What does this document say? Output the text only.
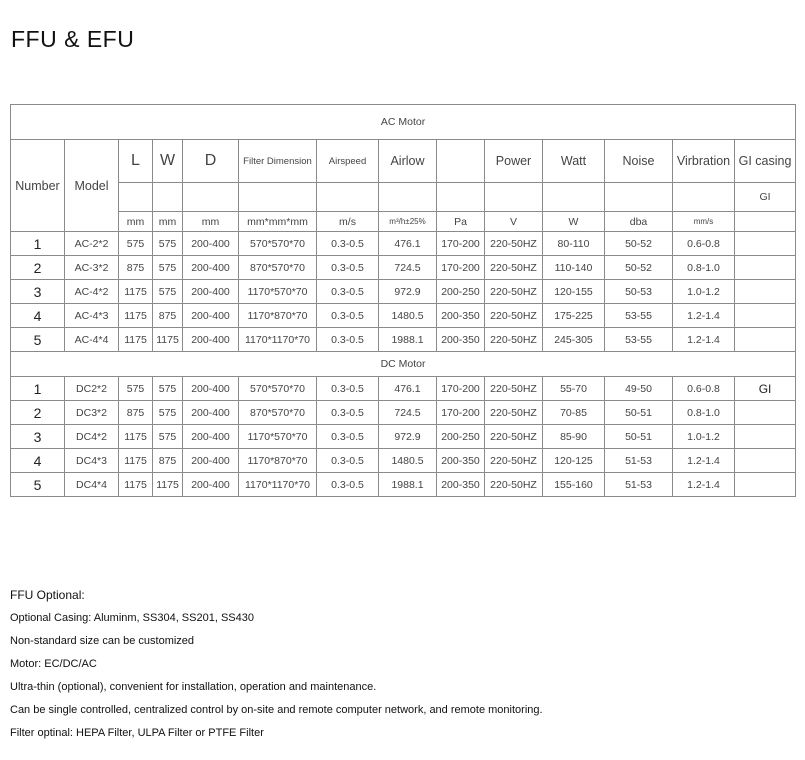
FFU & EFU
AC Motor													
Number	Model	L	W	D	Filter Dimension	Airspeed	Airlow		Power	Watt	Noise	Virbration	GI casing
													GI
		mm	mm	mm	mm*mm*mm	m/s	m³/h±25%	Pa	V	W	dba	mm/s	
1	AC-2*2	575	575	200-400	570*570*70	0.3-0.5	476.1	170-200	220-50HZ	80-110	50-52	0.6-0.8	
2	AC-3*2	875	575	200-400	870*570*70	0.3-0.5	724.5	170-200	220-50HZ	110-140	50-52	0.8-1.0	
3	AC-4*2	1175	575	200-400	1170*570*70	0.3-0.5	972.9	200-250	220-50HZ	120-155	50-53	1.0-1.2	
4	AC-4*3	1175	875	200-400	1170*870*70	0.3-0.5	1480.5	200-350	220-50HZ	175-225	53-55	1.2-1.4	
5	AC-4*4	1175	1175	200-400	1170*1170*70	0.3-0.5	1988.1	200-350	220-50HZ	245-305	53-55	1.2-1.4	
DC Motor													
1	DC2*2	575	575	200-400	570*570*70	0.3-0.5	476.1	170-200	220-50HZ	55-70	49-50	0.6-0.8	GI
2	DC3*2	875	575	200-400	870*570*70	0.3-0.5	724.5	170-200	220-50HZ	70-85	50-51	0.8-1.0	
3	DC4*2	1175	575	200-400	1170*570*70	0.3-0.5	972.9	200-250	220-50HZ	85-90	50-51	1.0-1.2	
4	DC4*3	1175	875	200-400	1170*870*70	0.3-0.5	1480.5	200-350	220-50HZ	120-125	51-53	1.2-1.4	
5	DC4*4	1175	1175	200-400	1170*1170*70	0.3-0.5	1988.1	200-350	220-50HZ	155-160	51-53	1.2-1.4	
FFU Optional:
Optional Casing: Aluminm, SS304, SS201, SS430
Non-standard size can be customized
Motor: EC/DC/AC
Ultra-thin (optional), convenient for installation, operation and maintenance.
Can be single controlled, centralized control by on-site and remote computer network, and remote monitoring.
Filter optinal: HEPA Filter, ULPA Filter or PTFE Filter
